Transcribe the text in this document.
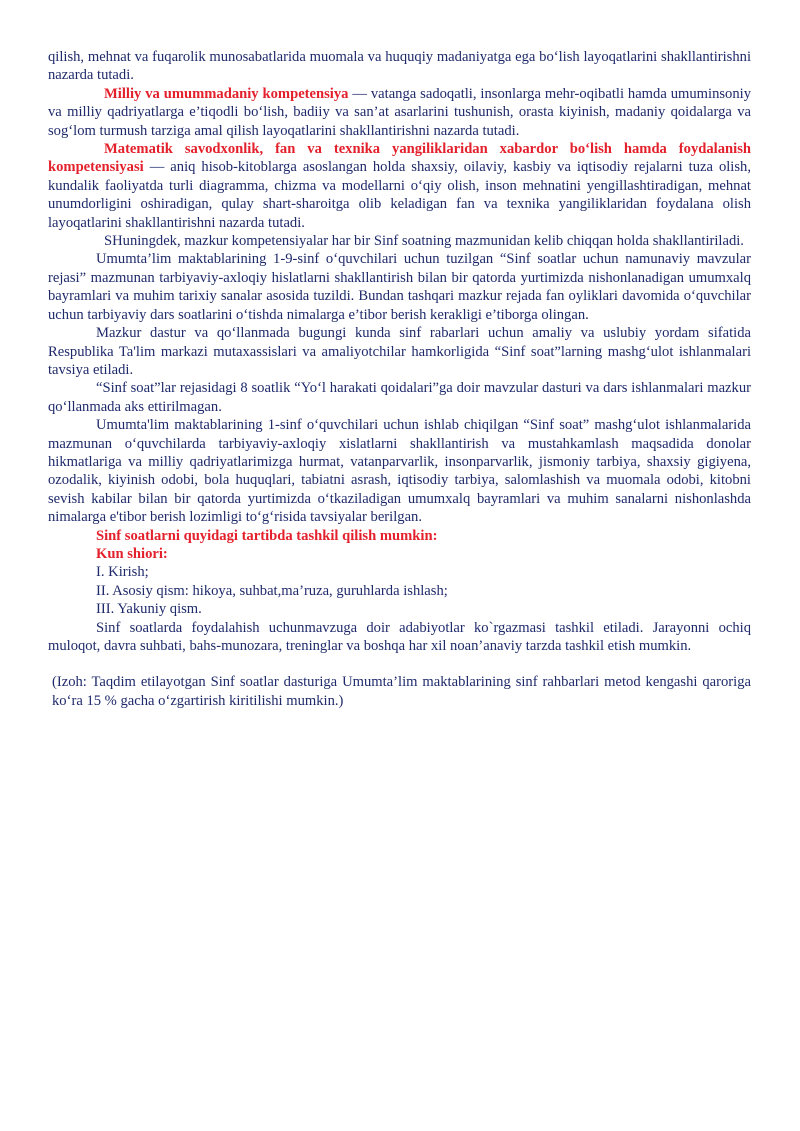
qilish, mehnat va fuqarolik munosabatlarida muomala va huquqiy madaniyatga ega bo‘lish layoqatlarini shakllantirishni nazarda tutadi.

Milliy va umummadaniy kompetensiya — vatanga sadoqatli, insonlarga mehr-oqibatli hamda umuminsoniy va milliy qadriyatlarga e’tiqodli bo‘lish, badiiy va san’at asarlarini tushunish, orasta kiyinish, madaniy qoidalarga va sog‘lom turmush tarziga amal qilish layoqatlarini shakllantirishni nazarda tutadi.

Matematik savodxonlik, fan va texnika yangiliklaridan xabardor bo‘lish hamda foydalanish kompetensiyasi — aniq hisob-kitoblarga asoslangan holda shaxsiy, oilaviy, kasbiy va iqtisodiy rejalarni tuza olish, kundalik faoliyatda turli diagramma, chizma va modellarni o‘qiy olish, inson mehnatini yengillashtiradigan, mehnat unumdorligini oshiradigan, qulay shart-sharoitga olib keladigan fan va texnika yangiliklaridan foydalana olish layoqatlarini shakllantirishni nazarda tutadi.

SHuningdek, mazkur kompetensiyalar har bir Sinf soatning mazmunidan kelib chiqqan holda shakllantiriladi.

Umumta’lim maktablarining 1-9-sinf o‘quvchilari uchun tuzilgan “Sinf soatlar uchun namunaviy mavzular rejasi” mazmunan tarbiyaviy-axloqiy hislatlarni shakllantirish bilan bir qatorda yurtimizda nishonlanadigan umumxalq bayramlari va muhim tarixiy sanalar asosida tuzildi. Bundan tashqari mazkur rejada fan oyliklari davomida o‘quvchilar uchun tarbiyaviy dars soatlarini o‘tishda nimalarga e’tibor berish kerakligi e’tiborga olingan.

Mazkur dastur va qo‘llanmada bugungi kunda sinf rabarlari uchun amaliy va uslubiy yordam sifatida Respublika Ta'lim markazi mutaxassislari va amaliyotchilar hamkorligida “Sinf soat”larning mashg‘ulot ishlanmalari tavsiya etiladi.

“Sinf soat”lar rejasidagi 8 soatlik “Yo‘l harakati qoidalari”ga doir mavzular dasturi va dars ishlanmalari mazkur qo‘llanmada aks ettirilmagan.

Umumta'lim maktablarining 1-sinf o‘quvchilari uchun ishlab chiqilgan “Sinf soat” mashg‘ulot ishlanmalarida mazmunan o‘quvchilarda tarbiyaviy-axloqiy xislatlarni shakllantirish va mustahkamlash maqsadida donolar hikmatlariga va milliy qadriyatlarimizga hurmat, vatanparvarlik, insonparvarlik, jismoniy tarbiya, shaxsiy gigiyena, ozodalik, kiyinish odobi, bola huquqlari, tabiatni asrash, iqtisodiy tarbiya, salomlashish va muomala odobi, kitobni sevish kabilar bilan bir qatorda yurtimizda o‘tkaziladigan umumxalq bayramlari va muhim sanalarni nishonlashda nimalarga e'tibor berish lozimligi to‘g‘risida tavsiyalar berilgan.

Sinf soatlarni quyidagi tartibda tashkil qilish mumkin:

Kun shiori:

I. Kirish;

II. Asosiy qism: hikoya, suhbat,ma’ruza, guruhlarda ishlash;

III. Yakuniy qism.

Sinf soatlarda foydalahish uchunmavzuga doir adabiyotlar ko`rgazmasi tashkil etiladi. Jarayonni ochiq muloqot, davra suhbati, bahs-munozara, treninglar va boshqa har xil noan’anaviy tarzda tashkil etish mumkin.

(Izoh: Taqdim etilayotgan Sinf soatlar dasturiga Umumta’lim maktablarining sinf rahbarlari metod kengashi qaroriga ko‘ra 15 % gacha o‘zgartirish kiritilishi mumkin.)
